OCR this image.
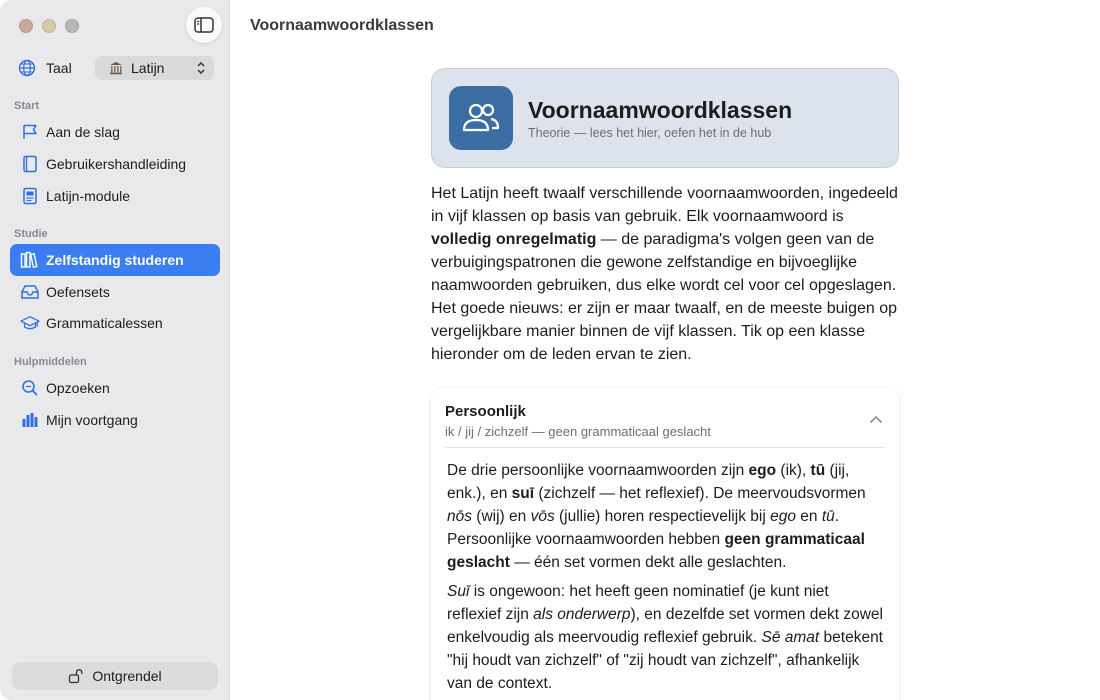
Taal	Latijn
Start
Aan de slag
Gebruikershandleiding
Latijn-module
Studie
Zelfstandig studeren
Oefensets
Grammaticalessen
Hulpmiddelen
Opzoeken
Mijn voortgang
Ontgrendel
Voornaamwoordklassen
Voornaamwoordklassen
Theorie — lees het hier, oefen het in de hub
Het Latijn heeft twaalf verschillende voornaamwoorden, ingedeeld in vijf klassen op basis van gebruik. Elk voornaamwoord is volledig onregelmatig — de paradigma's volgen geen van de verbuigingspatronen die gewone zelfstandige en bijvoeglijke naamwoorden gebruiken, dus elke wordt cel voor cel opgeslagen. Het goede nieuws: er zijn er maar twaalf, en de meeste buigen op vergelijkbare manier binnen de vijf klassen. Tik op een klasse hieronder om de leden ervan te zien.
Persoonlijk
ik / jij / zichzelf — geen grammaticaal geslacht

De drie persoonlijke voornaamwoorden zijn ego (ik), tū (jij, enk.), en suī (zichzelf — het reflexief). De meervoudsvormen nōs (wij) en vōs (jullie) horen respectievelijk bij ego en tū. Persoonlijke voornaamwoorden hebben geen grammaticaal geslacht — één set vormen dekt alle geslachten.

Suī is ongewoon: het heeft geen nominatief (je kunt niet reflexief zijn als onderwerp), en dezelfde set vormen dekt zowel enkelvoudig als meervoudig reflexief gebruik. Sē amat betekent "hij houdt van zichzelf" of "zij houdt van zichzelf", afhankelijk van de context.
